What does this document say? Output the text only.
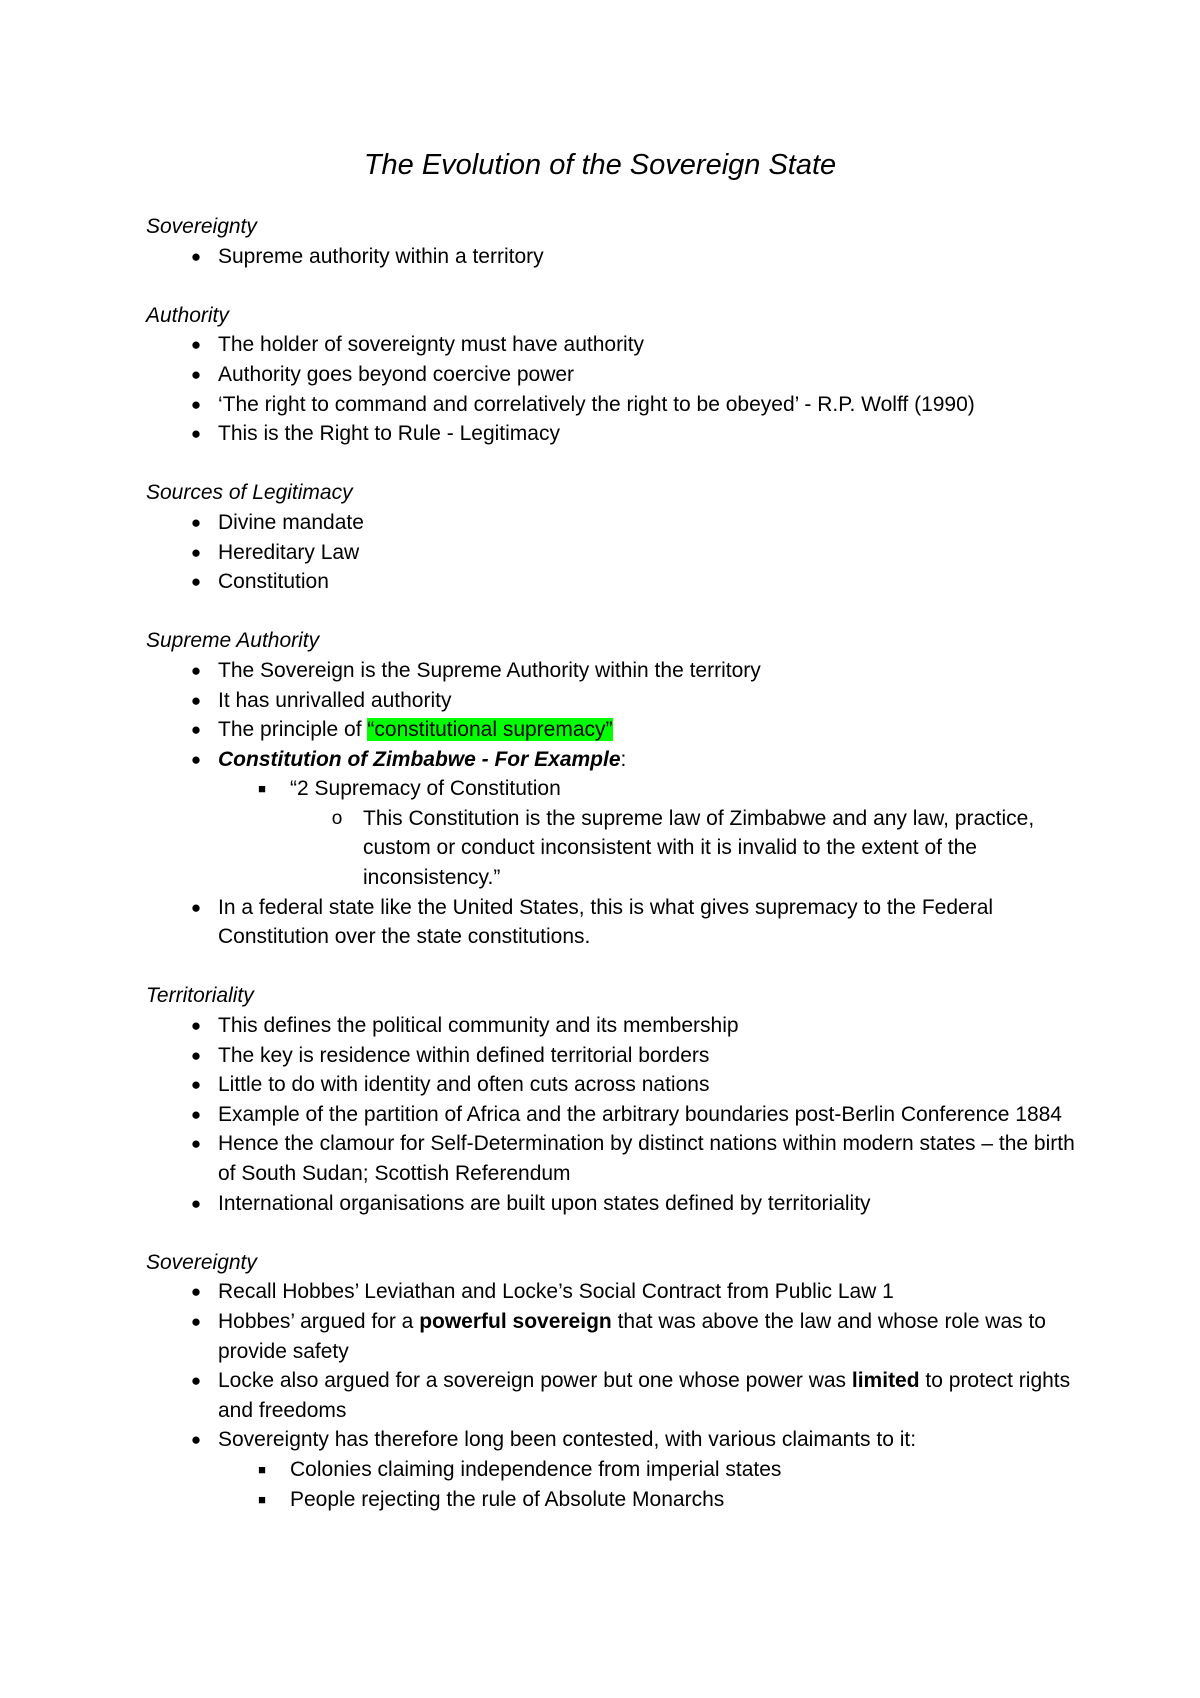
The Evolution of the Sovereign State

Sovereignty

● Supreme authority within a territory

Authority

● The holder of sovereignty must have authority
● Authority goes beyond coercive power
● ‘The right to command and correlatively the right to be obeyed’ - R.P. Wolff (1990)
● This is the Right to Rule - Legitimacy

Sources of Legitimacy

● Divine mandate
● Hereditary Law
● Constitution

Supreme Authority

● The Sovereign is the Supreme Authority within the territory
● It has unrivalled authority
● The principle of “constitutional supremacy”
● Constitution of Zimbabwe - For Example:
■ “2 Supremacy of Constitution
o This Constitution is the supreme law of Zimbabwe and any law, practice, custom or conduct inconsistent with it is invalid to the extent of the inconsistency.”
● In a federal state like the United States, this is what gives supremacy to the Federal Constitution over the state constitutions.

Territoriality

● This defines the political community and its membership
● The key is residence within defined territorial borders
● Little to do with identity and often cuts across nations
● Example of the partition of Africa and the arbitrary boundaries post-Berlin Conference 1884
● Hence the clamour for Self-Determination by distinct nations within modern states – the birth of South Sudan; Scottish Referendum
● International organisations are built upon states defined by territoriality

Sovereignty

● Recall Hobbes’ Leviathan and Locke’s Social Contract from Public Law 1
● Hobbes’ argued for a powerful sovereign that was above the law and whose role was to provide safety
● Locke also argued for a sovereign power but one whose power was limited to protect rights and freedoms
● Sovereignty has therefore long been contested, with various claimants to it:
■ Colonies claiming independence from imperial states
■ People rejecting the rule of Absolute Monarchs
